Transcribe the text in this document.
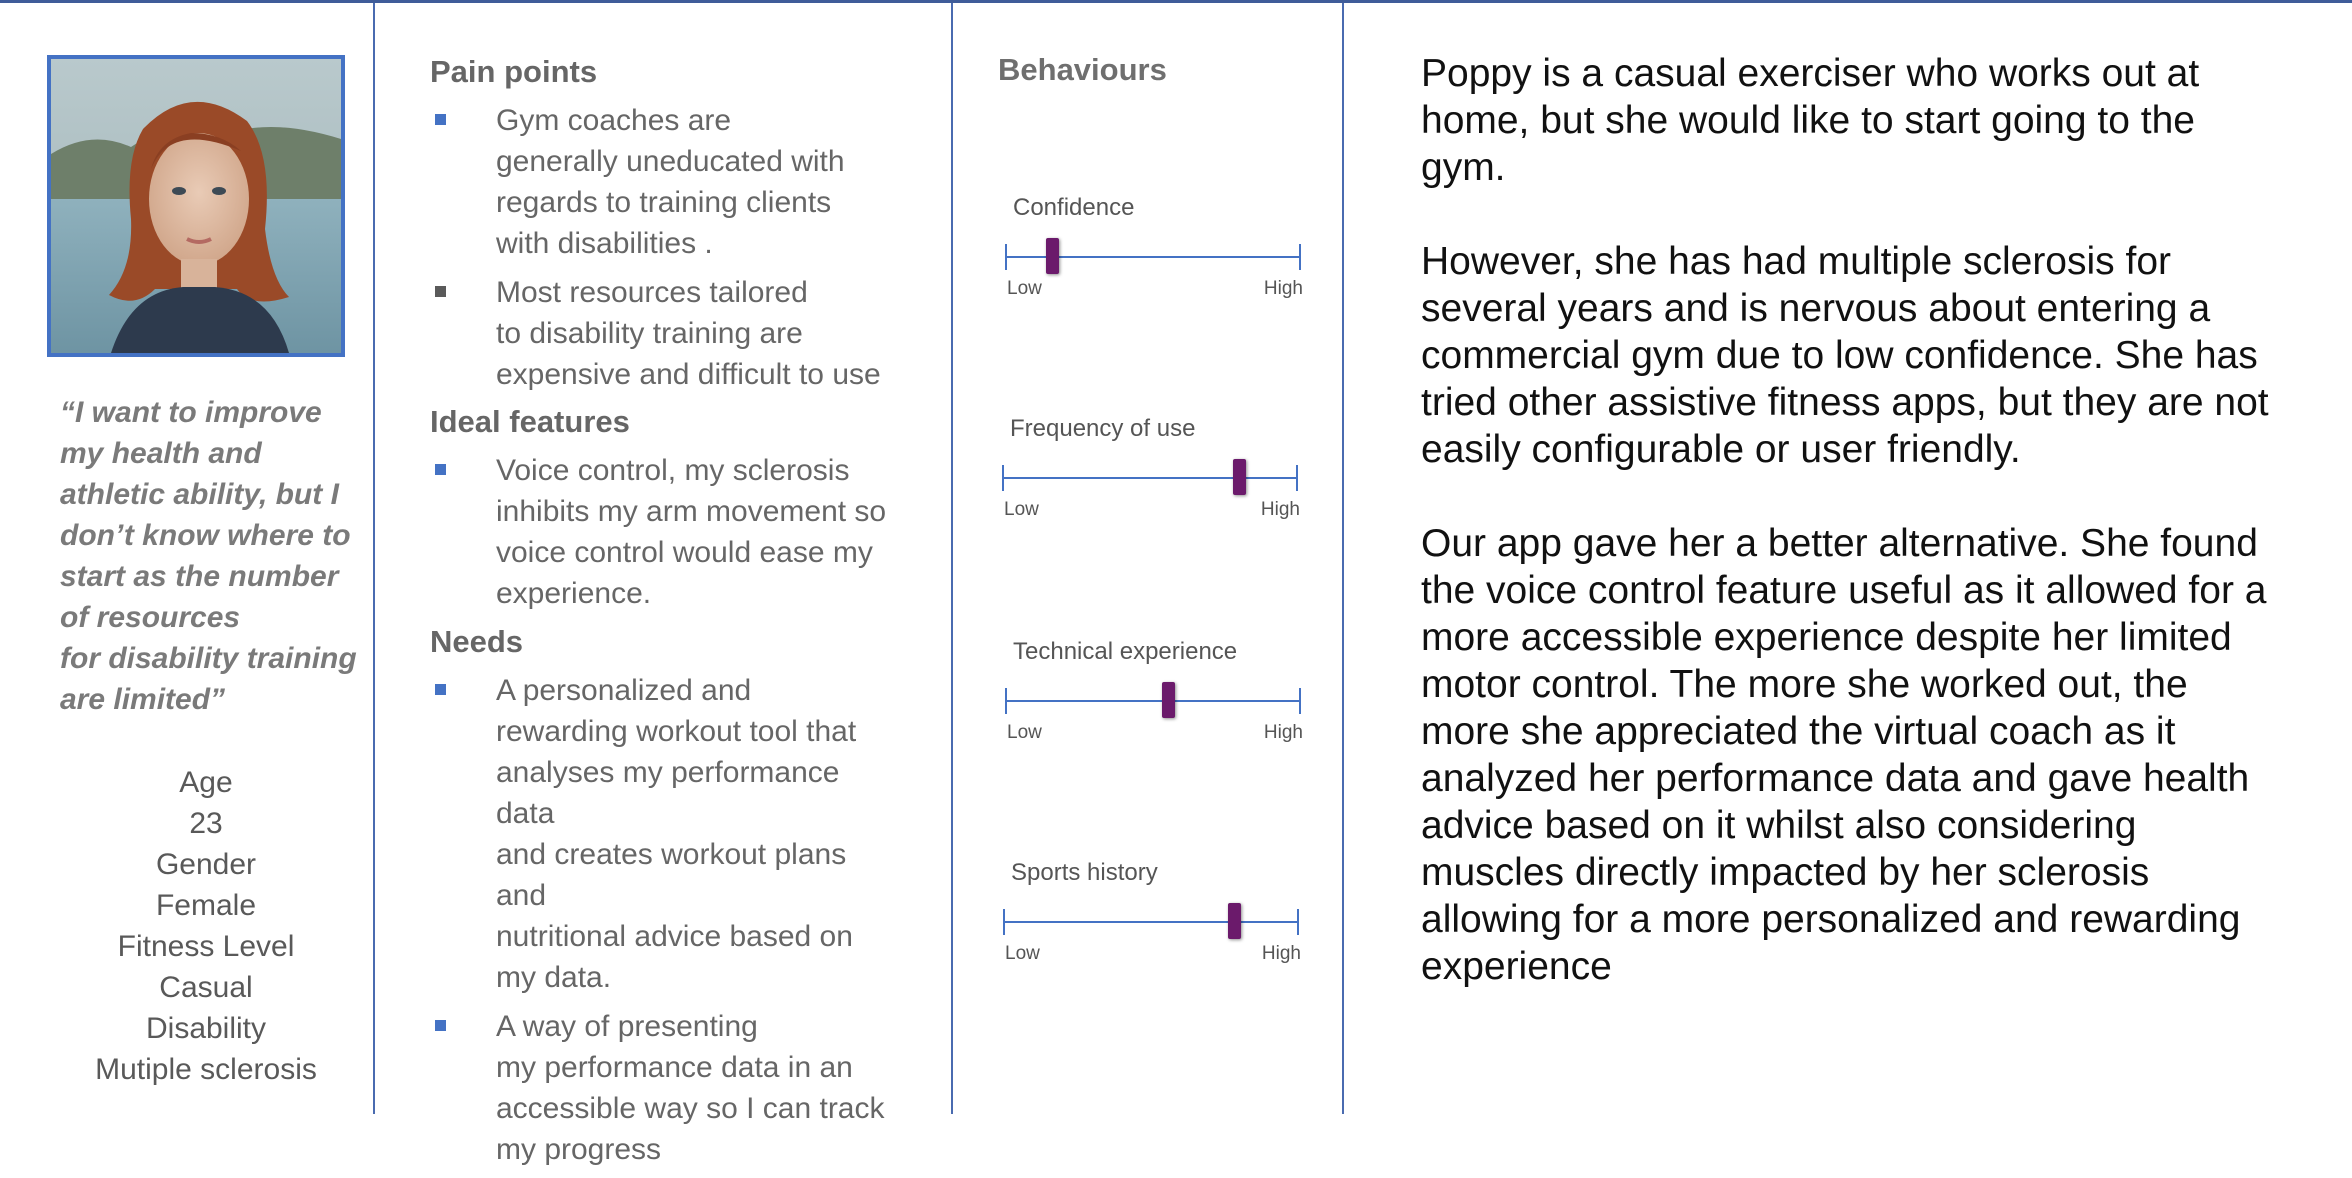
“I want to improve
my health and
athletic ability, but I
don’t know where to
start as the number
of resources
for disability training
are limited”
Age
23
Gender
Female
Fitness Level
Casual
Disability
Mutiple sclerosis
Pain points
Gym coaches are
generally uneducated with
regards to training clients
with disabilities .
Most resources tailored
to disability training are
expensive and difficult to use
Ideal features
Voice control, my sclerosis
inhibits my arm movement so
voice control would ease my
experience.
Needs
A personalized and
rewarding workout tool that
analyses my performance data
and creates workout plans and
nutritional advice based on
my data.
A way of presenting
my performance data in an
accessible way so I can track
my progress
Behaviours
Confidence
Low	High
Frequency of use
Low	High
Technical experience
Low	High
Sports history
Low	High

Poppy is a casual exerciser who works out at home, but she would like to start going to the gym.

However, she has had multiple sclerosis for several years and is nervous about entering a commercial gym due to low confidence. She has tried other assistive fitness apps, but they are not easily configurable or user friendly.

Our app gave her a better alternative. She found the voice control feature useful as it allowed for a more accessible experience despite her limited motor control. The more she worked out, the more she appreciated the virtual coach as it analyzed her performance data and gave health advice based on it whilst also considering muscles directly impacted by her sclerosis allowing for a more personalized and rewarding experience
